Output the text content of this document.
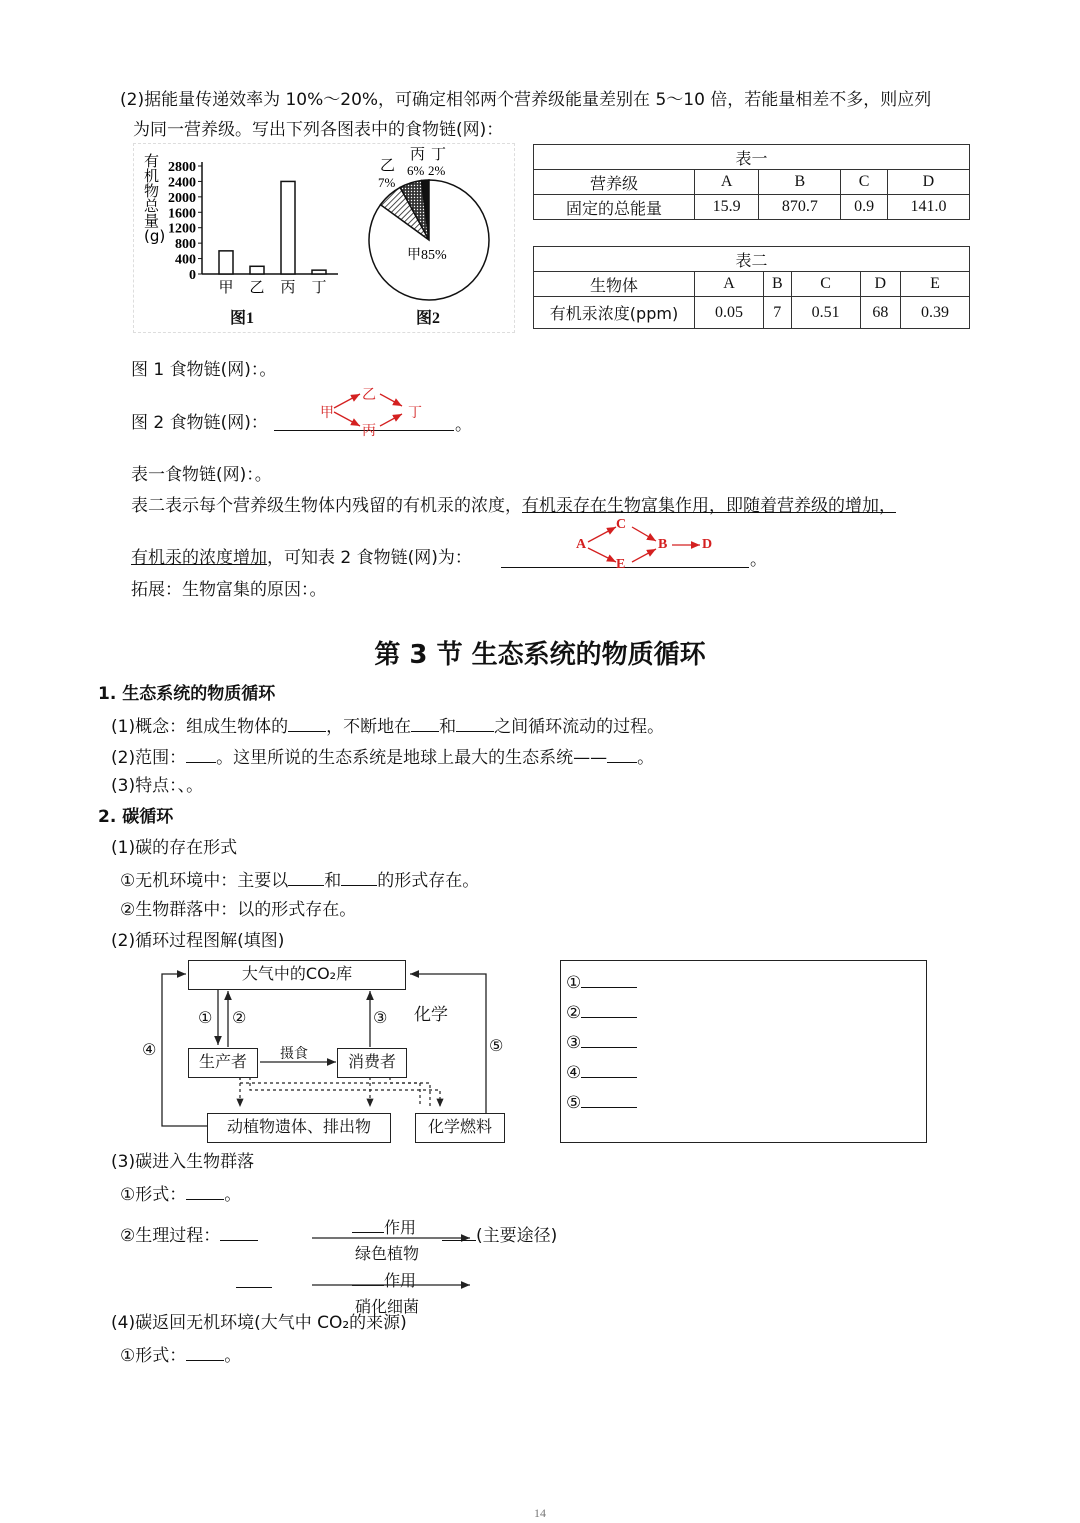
(2)据能量传递效率为 10%～20%，可确定相邻两个营养级能量差别在 5～10 倍，若能量相差不多，则应列
为同一营养级。写出下列各图表中的食物链(网)：
有
机
物
总
量
(g)
2800
2400
2000
1600
1200
800
400
0
甲 乙 丙 丁
图1
甲85%
乙
7%
丙
6%
丁
2%
图2
表一				
营养级	A	B	C	D
固定的总能量	15.9	870.7	0.9	141.0
表二					
生物体	A	B	C	D	E
有机汞浓度(ppm)	0.05	7	0.51	68	0.39
图 1 食物链(网)：。
图 2 食物链(网)：	。
甲
乙
丙
丁
表一食物链(网)：。
表二表示每个营养级生物体内残留的有机汞的浓度，有机汞存在生物富集作用，即随着营养级的增加，
有机汞的浓度增加，可知表 2 食物链(网)为：	。
A
C
E
B D
拓展：生物富集的原因：。
第 3 节 生态系统的物质循环
1. 生态系统的物质循环
(1)概念：组成生物体的 ，不断地在 和 之间循环流动的过程。
(2)范围： 。这里所说的生态系统是地球上最大的生态系统—— 。
(3)特点：、。
2. 碳循环
(1)碳的存在形式
①无机环境中：主要以 和 的形式存在。
②生物群落中：以的形式存在。
(2)循环过程图解(填图)
大气中的CO₂库
生产者	消费者
动植物遗体、排出物	化学燃料
摄食
化学
① ②	③
④	⑤
①
②
③
④
⑤
(3)碳进入生物群落
①形式： 。
②生理过程：	作用
绿色植物
(主要途径)
作用
硝化细菌
(4)碳返回无机环境(大气中 CO₂的来源)
①形式： 。
14
